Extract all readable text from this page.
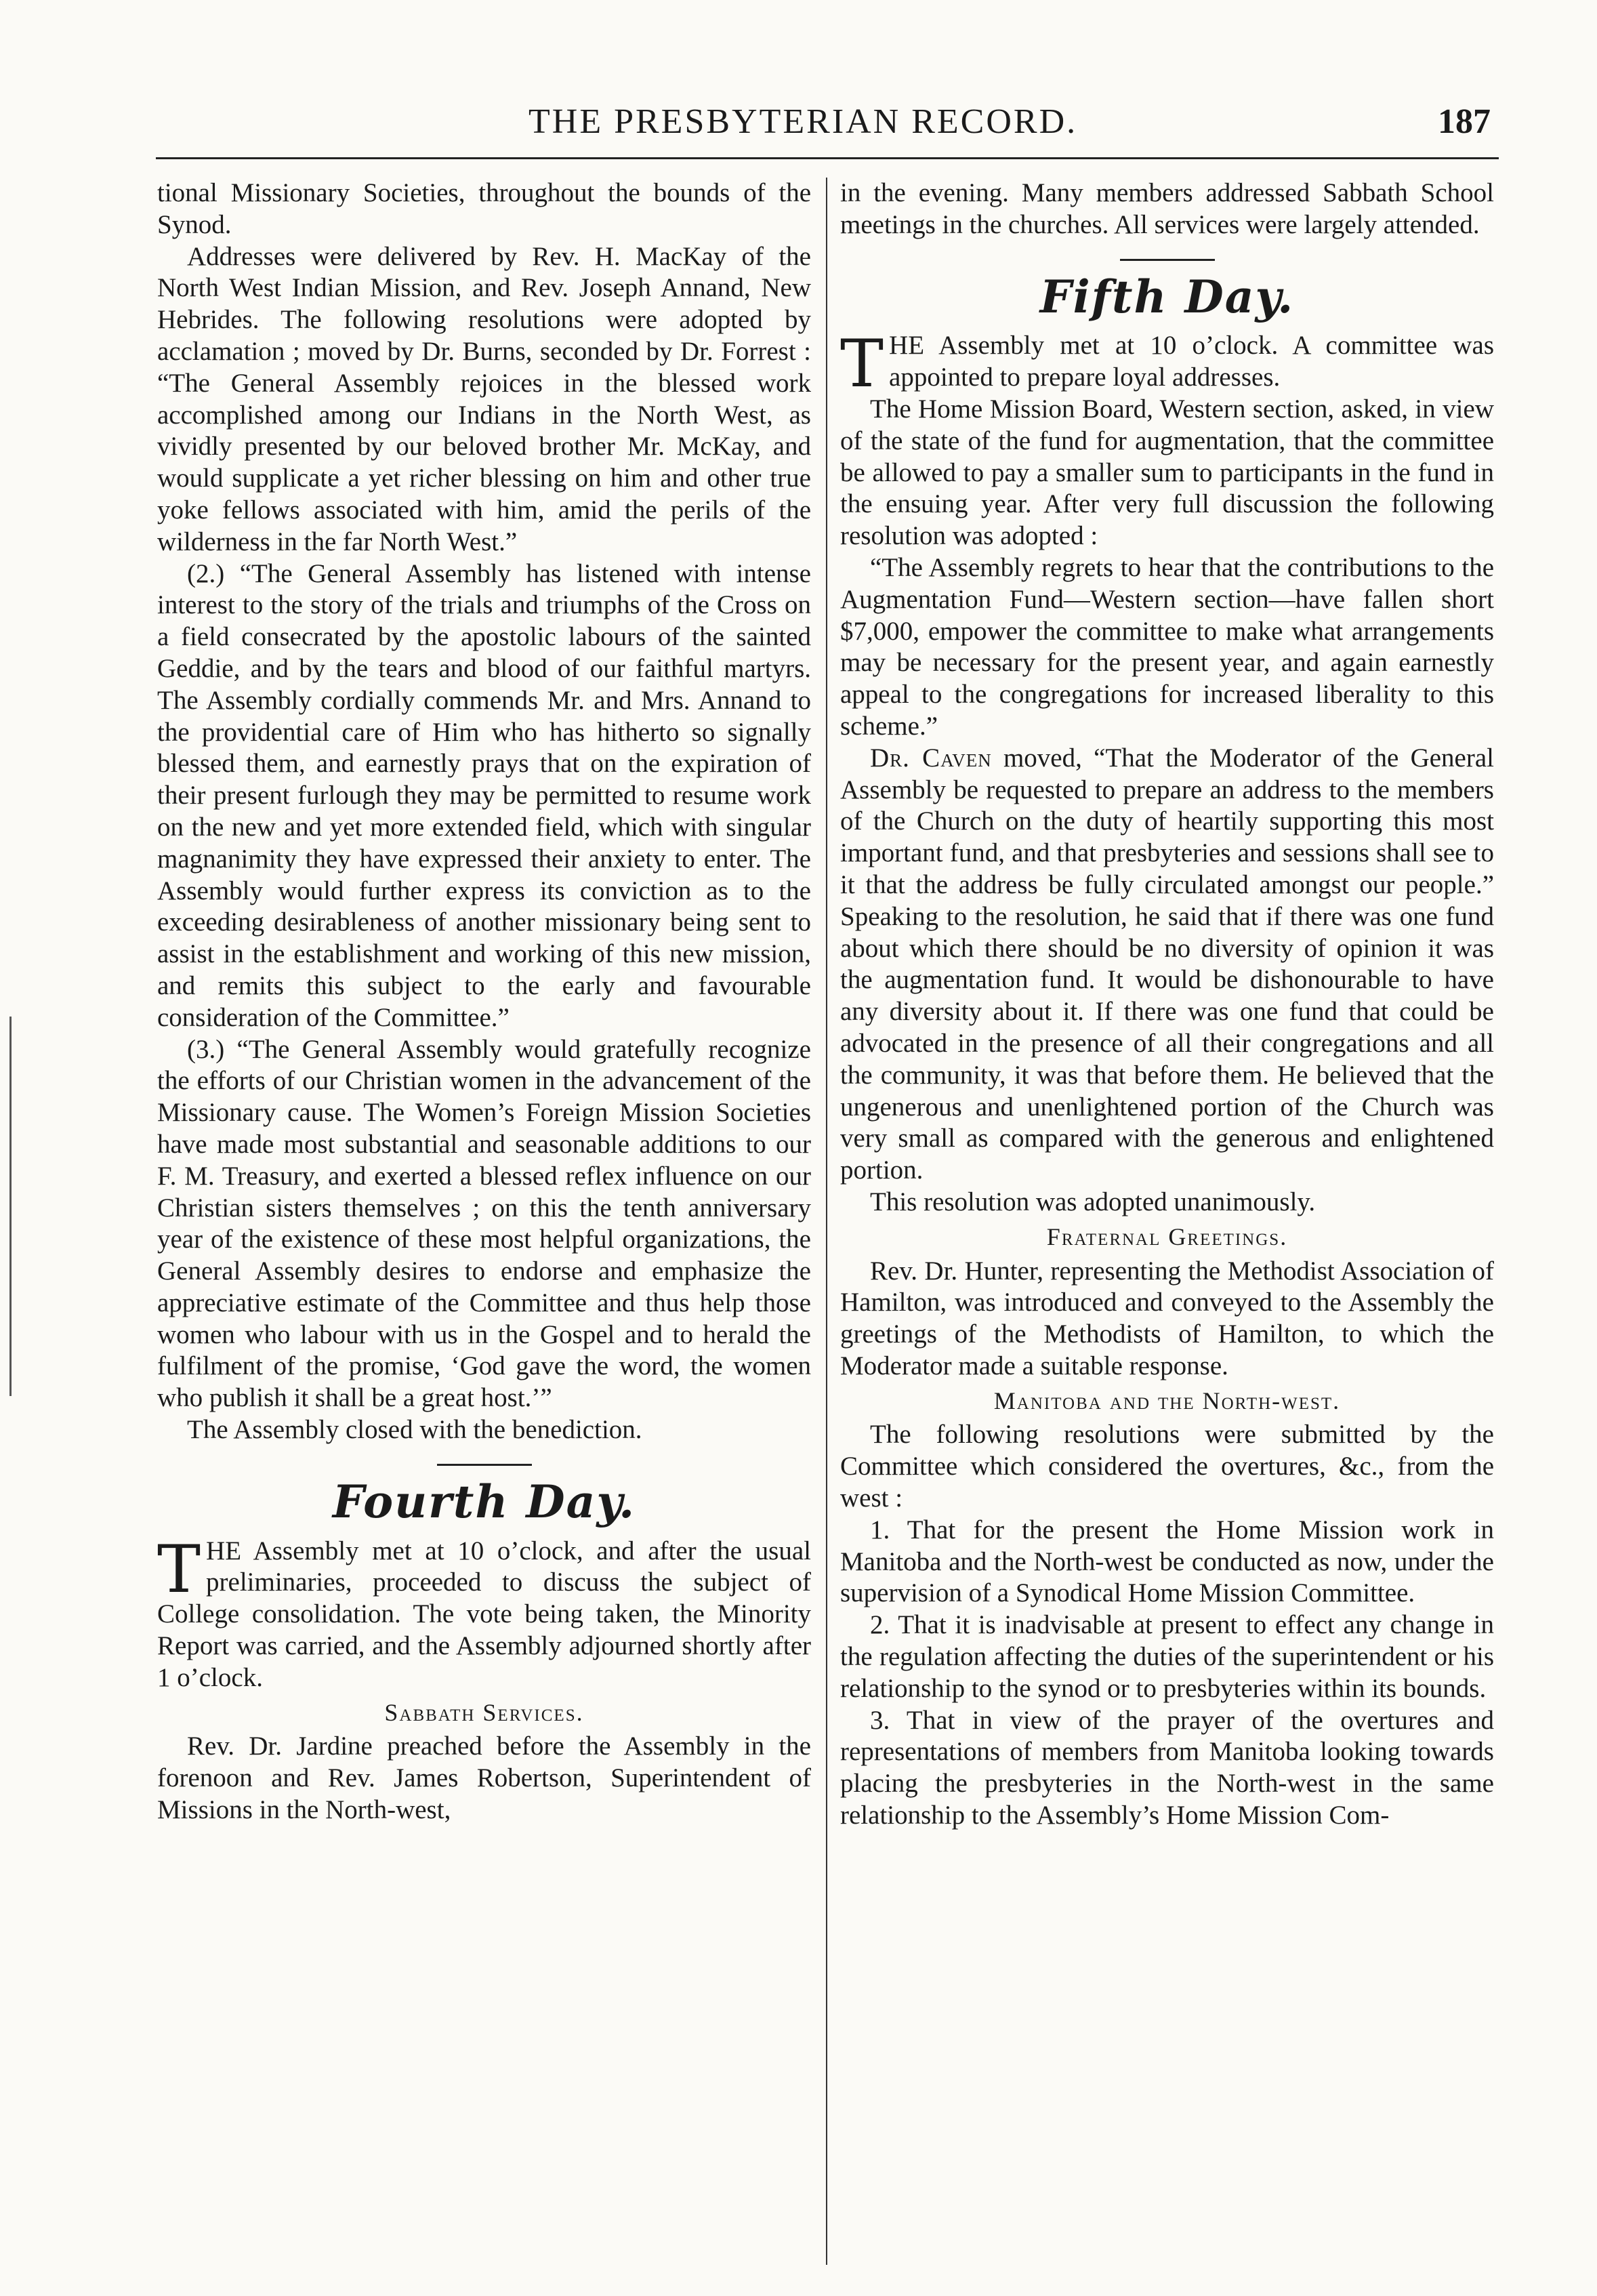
THE PRESBYTERIAN RECORD.	187

tional Missionary Societies, throughout the bounds of the Synod.

Addresses were delivered by Rev. H. MacKay of the North West Indian Mission, and Rev. Joseph Annand, New Hebrides. The following resolutions were adopted by acclamation ; moved by Dr. Burns, seconded by Dr. Forrest : “The General Assembly rejoices in the blessed work accomplished among our Indians in the North West, as vividly presented by our beloved brother Mr. McKay, and would supplicate a yet richer blessing on him and other true yoke fellows associated with him, amid the perils of the wilderness in the far North West.”

(2.) “The General Assembly has listened with intense interest to the story of the trials and triumphs of the Cross on a field consecrated by the apostolic labours of the sainted Geddie, and by the tears and blood of our faithful martyrs. The Assembly cordially commends Mr. and Mrs. Annand to the providential care of Him who has hitherto so signally blessed them, and earnestly prays that on the expiration of their present furlough they may be permitted to resume work on the new and yet more extended field, which with singular magnanimity they have expressed their anxiety to enter. The Assembly would further express its conviction as to the exceeding desirableness of another missionary being sent to assist in the establishment and working of this new mission, and remits this subject to the early and favourable consideration of the Committee.”

(3.) “The General Assembly would gratefully recognize the efforts of our Christian women in the advancement of the Missionary cause. The Women’s Foreign Mission Societies have made most substantial and seasonable additions to our F. M. Treasury, and exerted a blessed reflex influence on our Christian sisters themselves ; on this the tenth anniversary year of the existence of these most helpful organizations, the General Assembly desires to endorse and emphasize the appreciative estimate of the Committee and thus help those women who labour with us in the Gospel and to herald the fulfilment of the promise, ‘God gave the word, the women who publish it shall be a great host.’”

The Assembly closed with the benediction.

Fourth Day.

THE Assembly met at 10 o’clock, and after the usual preliminaries, proceeded to discuss the subject of College consolidation. The vote being taken, the Minority Report was carried, and the Assembly adjourned shortly after 1 o’clock.

Sabbath Services.

Rev. Dr. Jardine preached before the Assembly in the forenoon and Rev. James Robertson, Superintendent of Missions in the North-west,

in the evening. Many members addressed Sabbath School meetings in the churches. All services were largely attended.

Fifth Day.

THE Assembly met at 10 o’clock. A committee was appointed to prepare loyal addresses.

The Home Mission Board, Western section, asked, in view of the state of the fund for augmentation, that the committee be allowed to pay a smaller sum to participants in the fund in the ensuing year. After very full discussion the following resolution was adopted :

“The Assembly regrets to hear that the contributions to the Augmentation Fund—Western section—have fallen short $7,000, empower the committee to make what arrangements may be necessary for the present year, and again earnestly appeal to the congregations for increased liberality to this scheme.”

Dr. Caven moved, “That the Moderator of the General Assembly be requested to prepare an address to the members of the Church on the duty of heartily supporting this most important fund, and that presbyteries and sessions shall see to it that the address be fully circulated amongst our people.” Speaking to the resolution, he said that if there was one fund about which there should be no diversity of opinion it was the augmentation fund. It would be dishonourable to have any diversity about it. If there was one fund that could be advocated in the presence of all their congregations and all the community, it was that before them. He believed that the ungenerous and unenlightened portion of the Church was very small as compared with the generous and enlightened portion.

This resolution was adopted unanimously.

Fraternal Greetings.

Rev. Dr. Hunter, representing the Methodist Association of Hamilton, was introduced and conveyed to the Assembly the greetings of the Methodists of Hamilton, to which the Moderator made a suitable response.

Manitoba and the North-west.

The following resolutions were submitted by the Committee which considered the overtures, &c., from the west :

1. That for the present the Home Mission work in Manitoba and the North-west be conducted as now, under the supervision of a Synodical Home Mission Committee.

2. That it is inadvisable at present to effect any change in the regulation affecting the duties of the superintendent or his relationship to the synod or to presbyteries within its bounds.

3. That in view of the prayer of the overtures and representations of members from Manitoba looking towards placing the presbyteries in the North-west in the same relationship to the Assembly’s Home Mission Com-
